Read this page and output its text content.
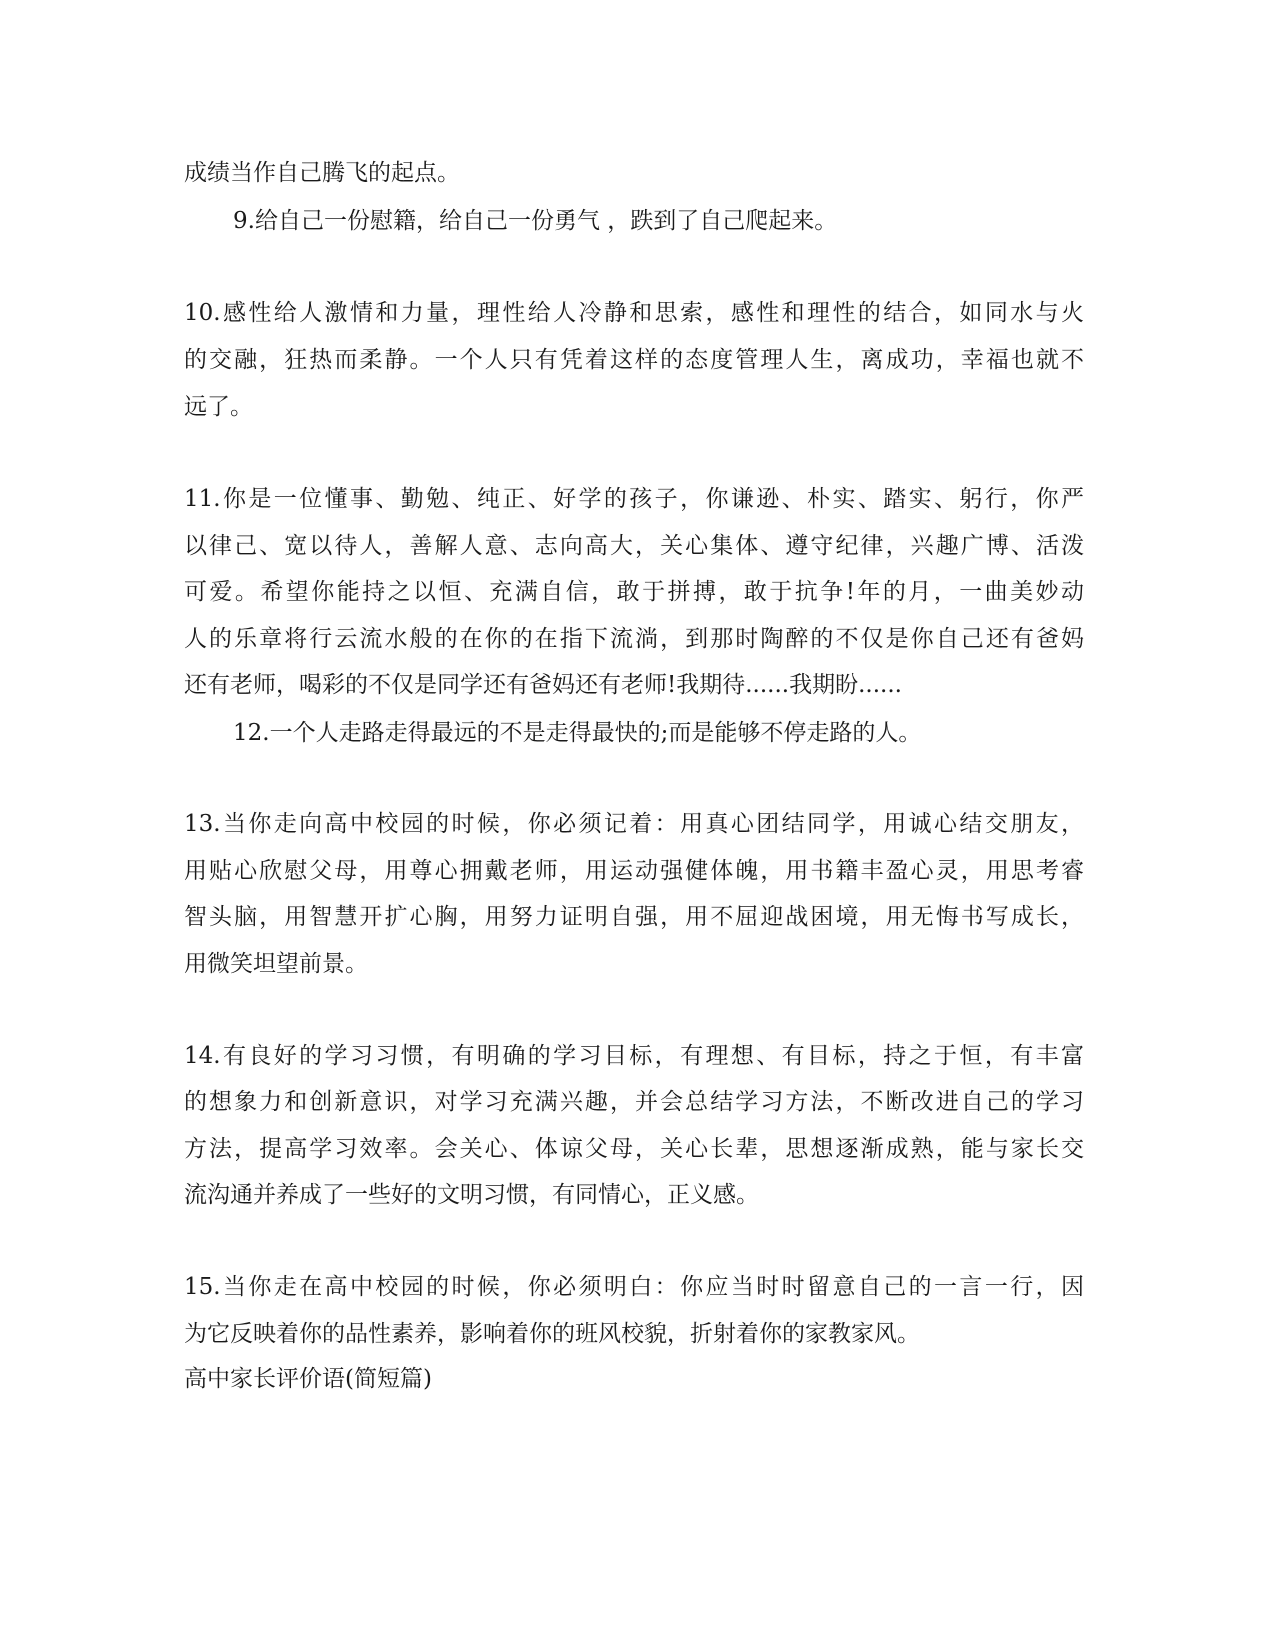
成绩当作自己腾飞的起点。
9.给自己一份慰籍，给自己一份勇气 ，跌到了自己爬起来。
10.感性给人激情和力量，理性给人冷静和思索，感性和理性的结合，如同水与火
的交融，狂热而柔静。一个人只有凭着这样的态度管理人生，离成功，幸福也就不
远了。
11.你是一位懂事、勤勉、纯正、好学的孩子，你谦逊、朴实、踏实、躬行，你严
以律己、宽以待人，善解人意、志向高大，关心集体、遵守纪律，兴趣广博、活泼
可爱。希望你能持之以恒、充满自信，敢于拼搏，敢于抗争!年的月，一曲美妙动
人的乐章将行云流水般的在你的在指下流淌，到那时陶醉的不仅是你自己还有爸妈
还有老师，喝彩的不仅是同学还有爸妈还有老师!我期待......我期盼......
12.一个人走路走得最远的不是走得最快的;而是能够不停走路的人。
13.当你走向高中校园的时候，你必须记着：用真心团结同学，用诚心结交朋友，
用贴心欣慰父母，用尊心拥戴老师，用运动强健体魄，用书籍丰盈心灵，用思考睿
智头脑，用智慧开扩心胸，用努力证明自强，用不屈迎战困境，用无悔书写成长，
用微笑坦望前景。
14.有良好的学习习惯，有明确的学习目标，有理想、有目标，持之于恒，有丰富
的想象力和创新意识，对学习充满兴趣，并会总结学习方法，不断改进自己的学习
方法，提高学习效率。会关心、体谅父母，关心长辈，思想逐渐成熟，能与家长交
流沟通并养成了一些好的文明习惯，有同情心，正义感。
15.当你走在高中校园的时候，你必须明白：你应当时时留意自己的一言一行，因
为它反映着你的品性素养，影响着你的班风校貌，折射着你的家教家风。
高中家长评价语(简短篇)
